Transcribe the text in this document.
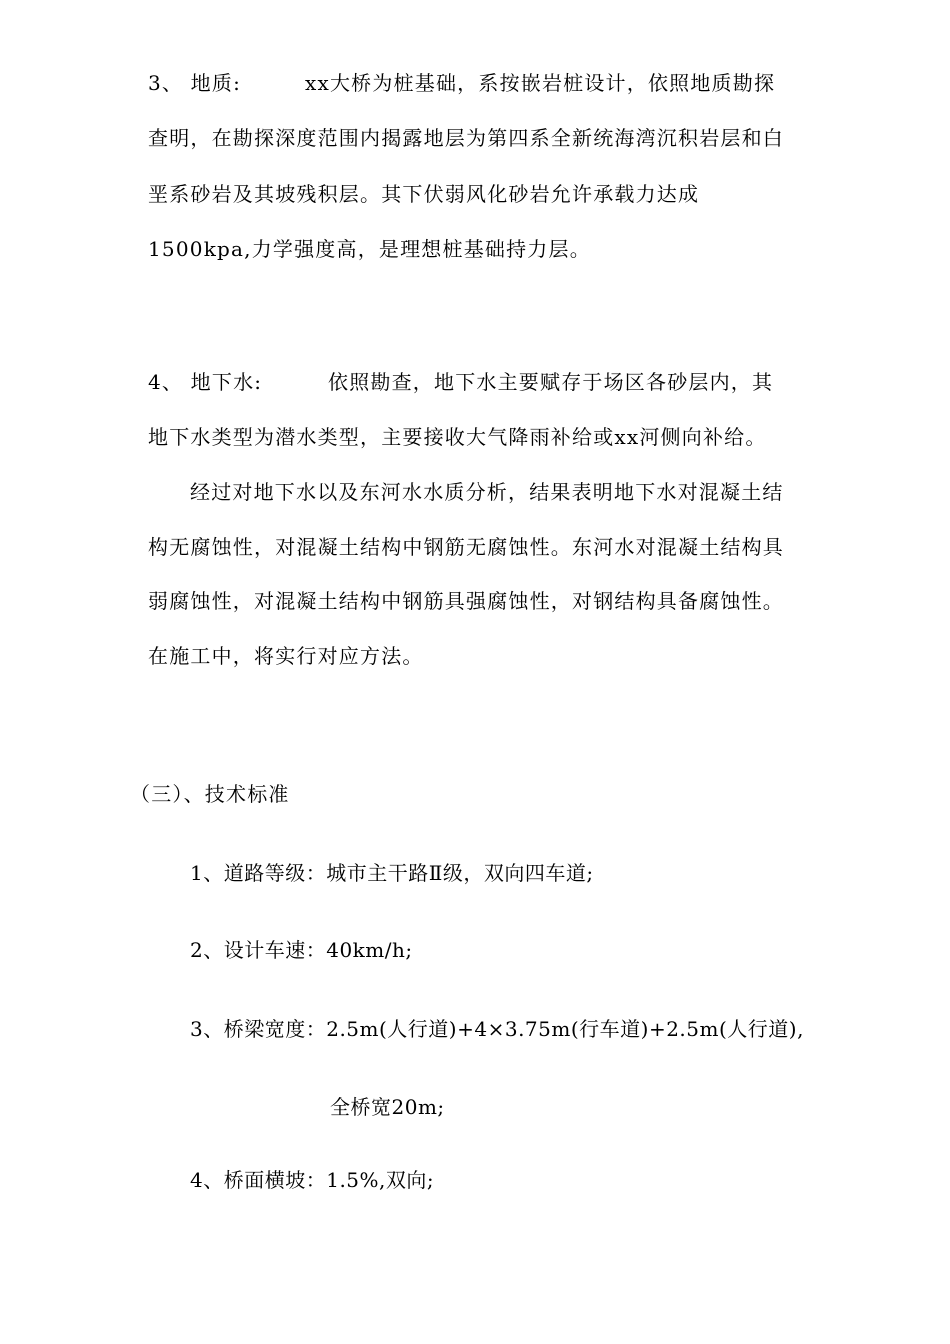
3、 地质:	xx大桥为桩基础，系按嵌岩桩设计，依照地质勘探

查明，在勘探深度范围内揭露地层为第四系全新统海湾沉积岩层和白

垩系砂岩及其坡残积层。其下伏弱风化砂岩允许承载力达成

1500kpa,力学强度高，是理想桩基础持力层。

4、 地下水:	依照勘查，地下水主要赋存于场区各砂层内，其

地下水类型为潜水类型，主要接收大气降雨补给或xx河侧向补给。

经过对地下水以及东河水水质分析，结果表明地下水对混凝土结

构无腐蚀性，对混凝土结构中钢筋无腐蚀性。东河水对混凝土结构具

弱腐蚀性，对混凝土结构中钢筋具强腐蚀性，对钢结构具备腐蚀性。

在施工中，将实行对应方法。

（三）、技术标准

1、道路等级：城市主干路Ⅱ级，双向四车道;

2、设计车速：40km/h;

3、桥梁宽度：2.5m(人行道)+4×3.75m(行车道)+2.5m(人行道),

全桥宽20m;

4、桥面横坡：1.5%,双向;
